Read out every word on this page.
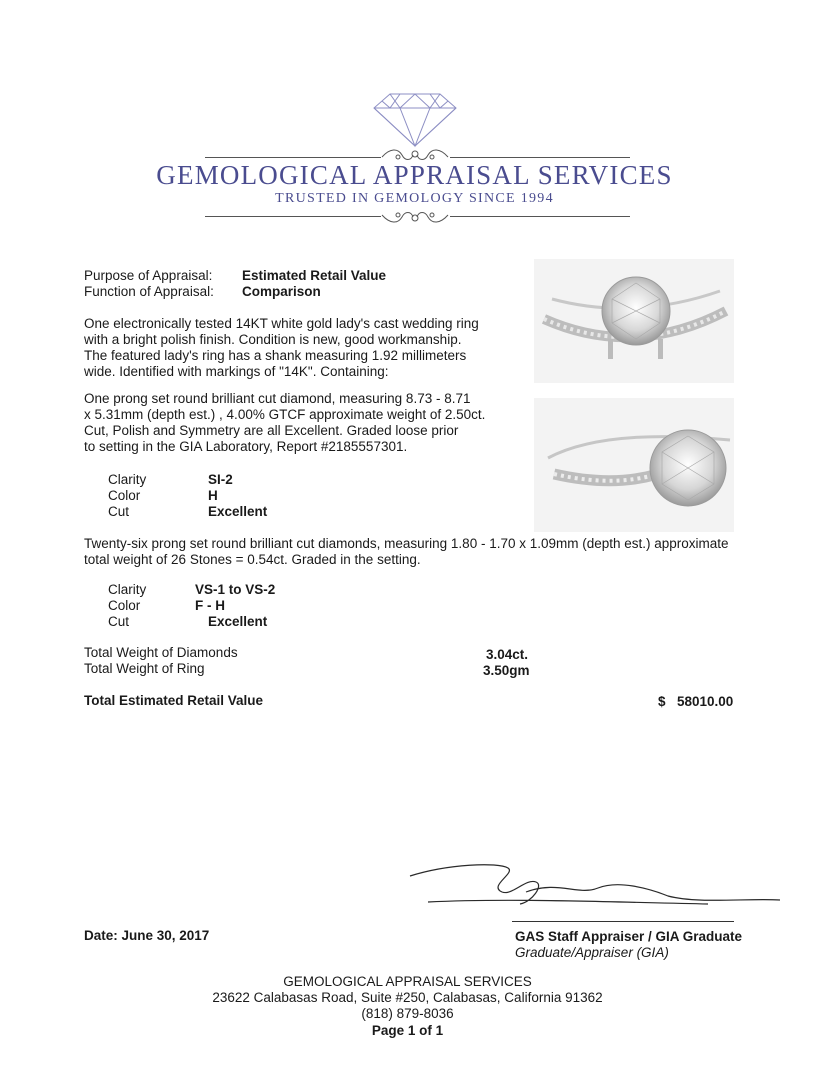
GEMOLOGICAL APPRAISAL SERVICES
TRUSTED IN GEMOLOGY SINCE 1994
Purpose of Appraisal: Estimated Retail Value
Function of Appraisal: Comparison
One electronically tested 14KT white gold lady's cast wedding ring
with a bright polish finish. Condition is new, good workmanship.
The featured lady's ring has a shank measuring 1.92 millimeters
wide. Identified with markings of "14K". Containing:
One prong set round brilliant cut diamond, measuring 8.73 - 8.71
x 5.31mm (depth est.) , 4.00% GTCF approximate weight of 2.50ct.
Cut, Polish and Symmetry are all Excellent. Graded loose prior
to setting in the GIA Laboratory, Report #2185557301.
Clarity	SI-2
Color	H
Cut	Excellent
Twenty-six prong set round brilliant cut diamonds, measuring 1.80 - 1.70 x 1.09mm (depth est.) approximate
total weight of 26 Stones = 0.54ct. Graded in the setting.
Clarity	VS-1 to VS-2
Color	F - H
Cut	Excellent
Total Weight of Diamonds	3.04ct.
Total Weight of Ring	3.50gm
Total Estimated Retail Value	$ 58010.00
Date: June 30, 2017	GAS Staff Appraiser / GIA Graduate
Graduate/Appraiser (GIA)
GEMOLOGICAL APPRAISAL SERVICES
23622 Calabasas Road, Suite #250, Calabasas, California 91362
(818) 879-8036
Page 1 of 1
